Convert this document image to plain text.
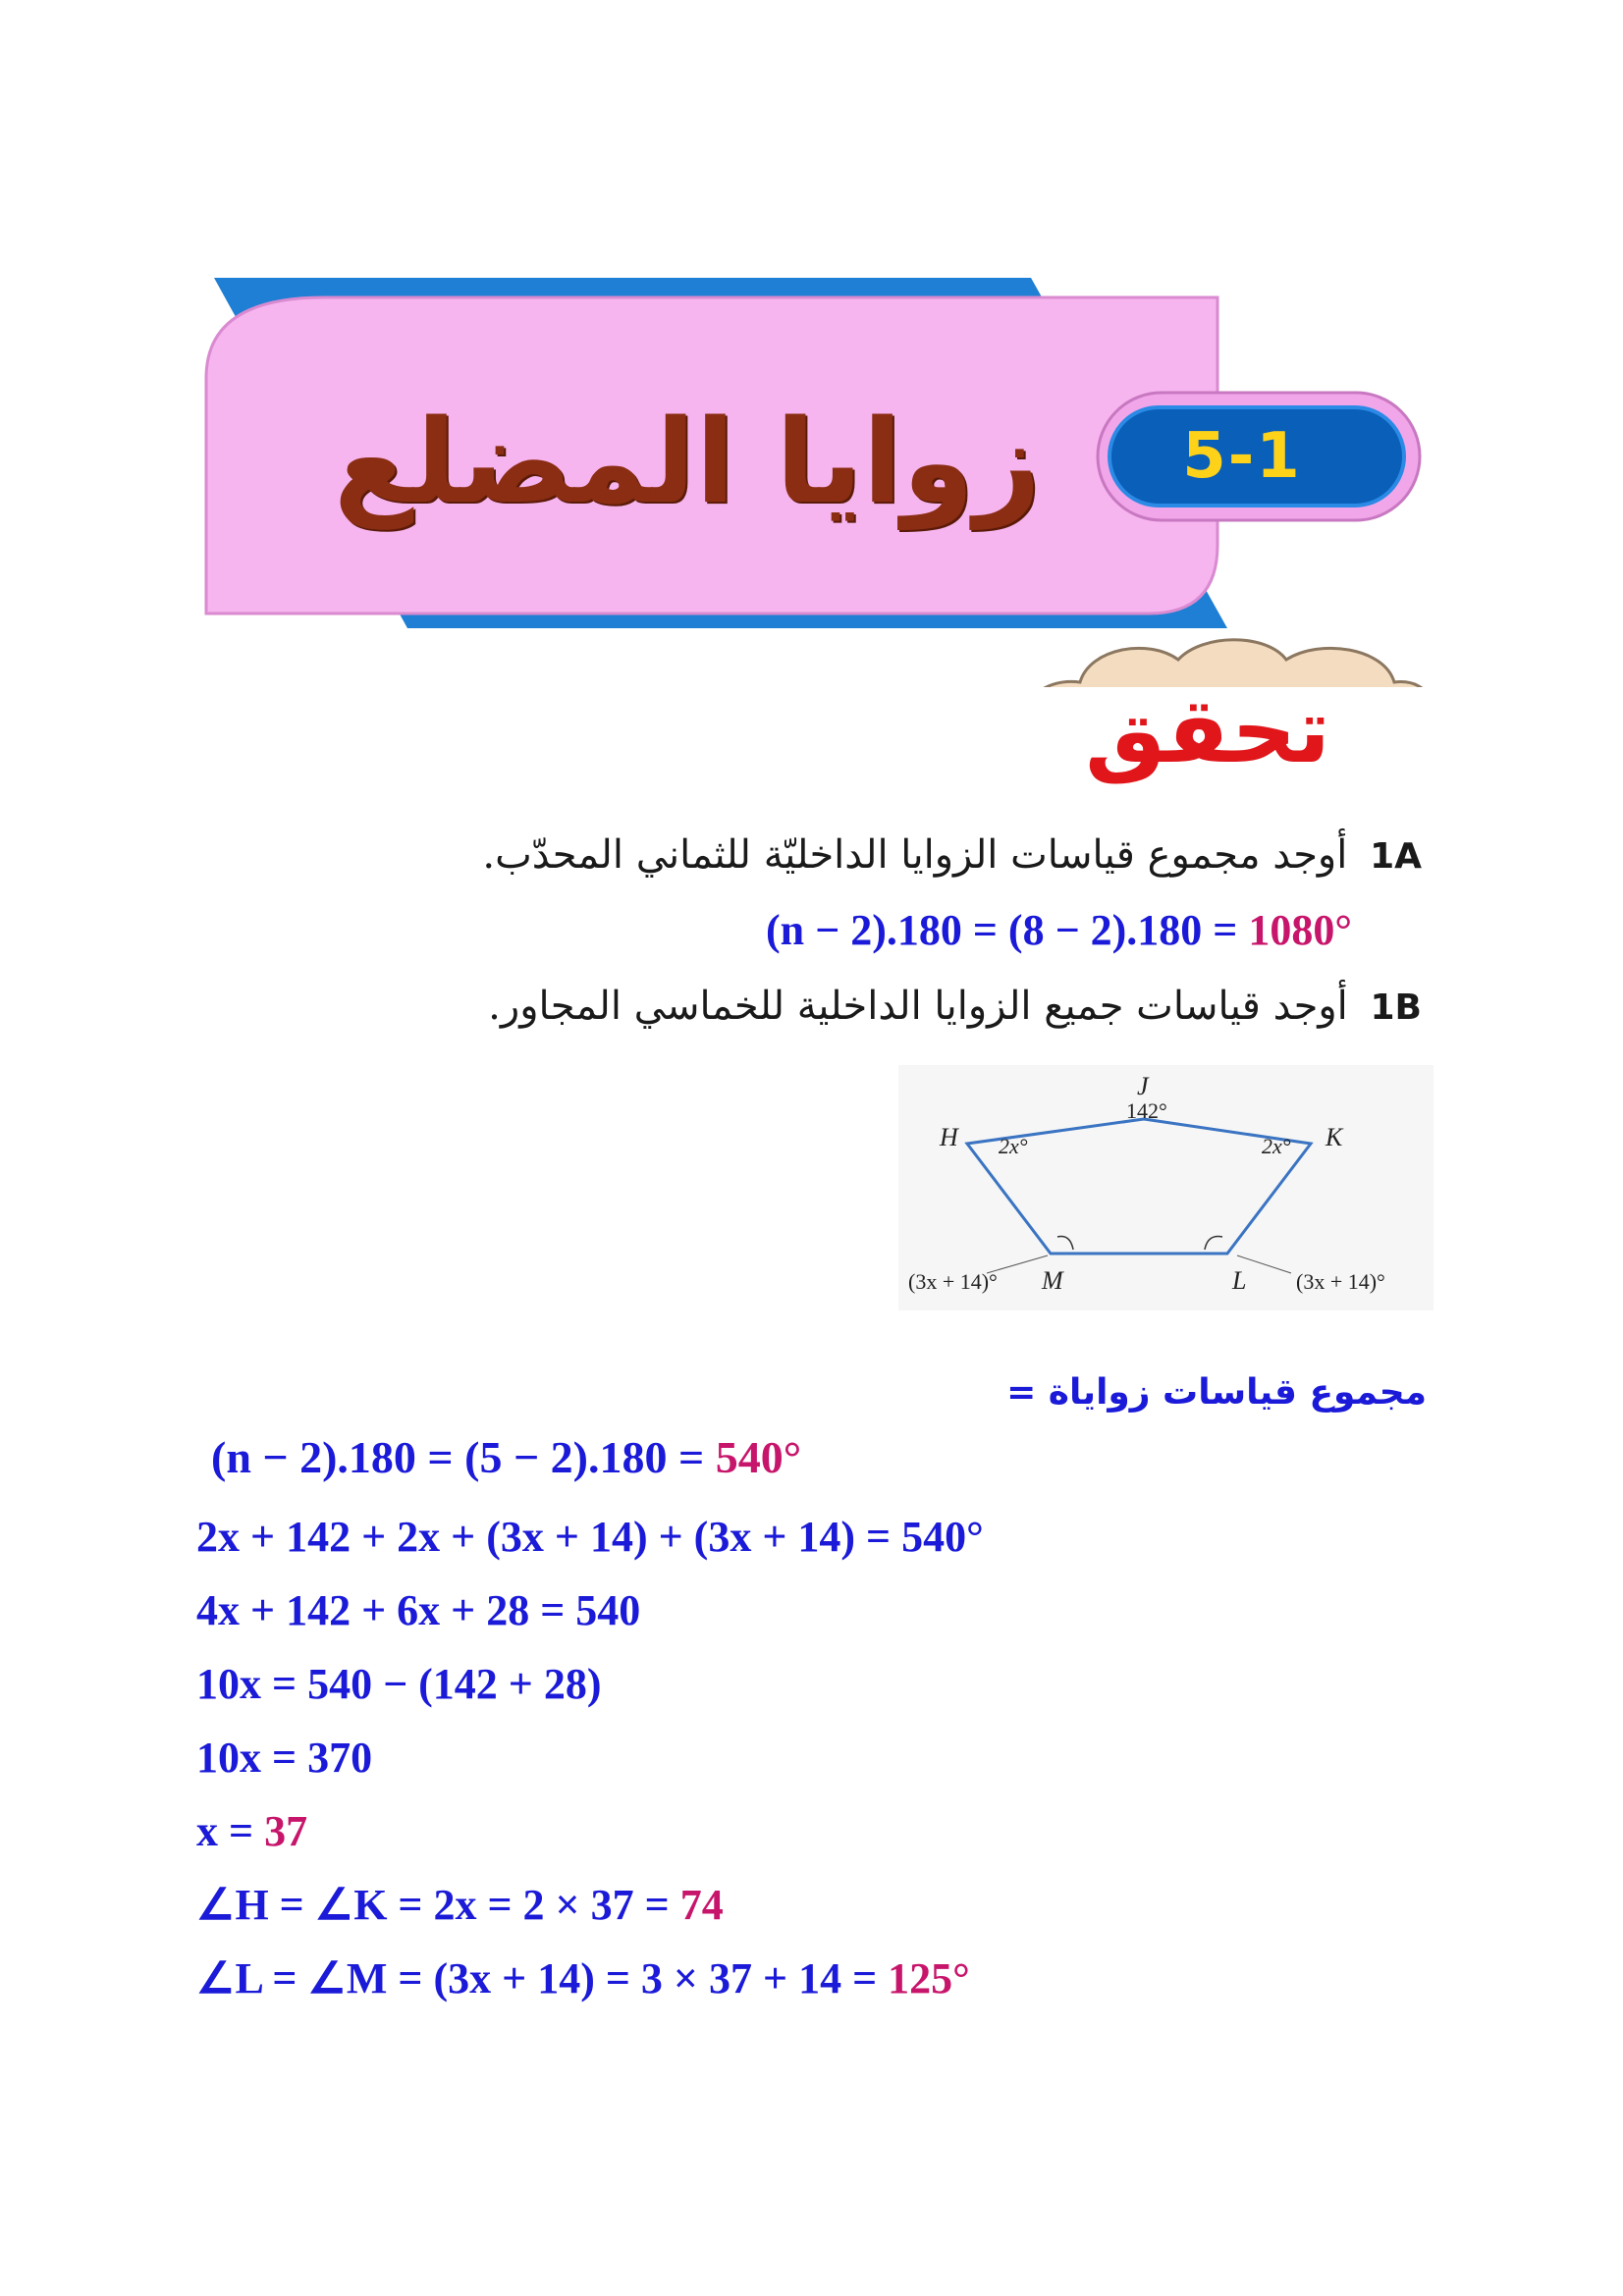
5-1
زوايا المضلع
تحقق
1A أوجد مجموع قياسات الزوايا الداخليّة للثماني المحدّب.
(n − 2).180 = (8 − 2).180 = 1080°
1B أوجد قياسات جميع الزوايا الداخلية للخماسي المجاور.
J
H	K
M	L
142°
2x°	2x°
(3x + 14)°	(3x + 14)°
مجموع قياسات زواياة =
(n − 2).180 = (5 − 2).180 = 540°
2x + 142 + 2x + (3x + 14) + (3x + 14) = 540°
4x + 142 + 6x + 28 = 540
10x = 540 − (142 + 28)
10x = 370
x = 37
∠H = ∠K = 2x = 2 × 37 = 74
∠L = ∠M = (3x + 14) = 3 × 37 + 14 = 125°
